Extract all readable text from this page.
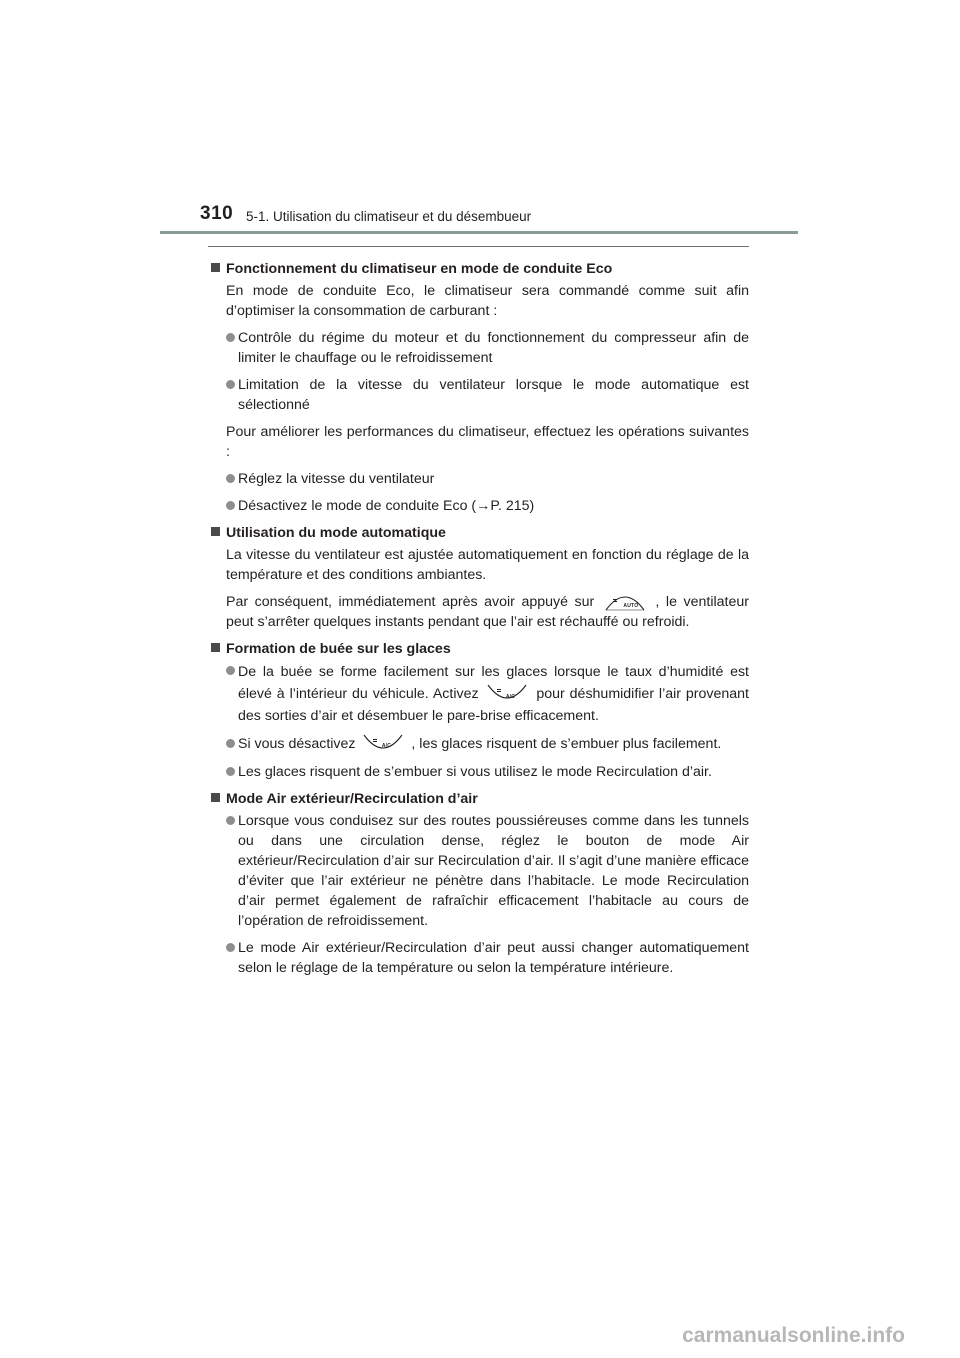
310 5-1. Utilisation du climatiseur et du désembueur
Fonctionnement du climatiseur en mode de conduite Eco
En mode de conduite Eco, le climatiseur sera commandé comme suit afin d’optimiser la consommation de carburant :
Contrôle du régime du moteur et du fonctionnement du compresseur afin de limiter le chauffage ou le refroidissement
Limitation de la vitesse du ventilateur lorsque le mode automatique est sélectionné
Pour améliorer les performances du climatiseur, effectuez les opérations suivantes :
Réglez la vitesse du ventilateur
Désactivez le mode de conduite Eco (→P. 215)
Utilisation du mode automatique
La vitesse du ventilateur est ajustée automatiquement en fonction du réglage de la température et des conditions ambiantes.
Par conséquent, immédiatement après avoir appuyé sur	AUTO	, le ventilateur peut s’arrêter quelques instants pendant que l’air est réchauffé ou refroidi.
Formation de buée sur les glaces
De la buée se forme facilement sur les glaces lorsque le taux d’humidité est élevé à l’intérieur du véhicule. Activez	A/C	pour déshumidifier l’air provenant des sorties d’air et désembuer le pare-brise efficacement.
Si vous désactivez	A/C	, les glaces risquent de s’embuer plus facilement.
Les glaces risquent de s’embuer si vous utilisez le mode Recirculation d’air.
Mode Air extérieur/Recirculation d’air
Lorsque vous conduisez sur des routes poussiéreuses comme dans les tunnels ou dans une circulation dense, réglez le bouton de mode Air extérieur/Recirculation d’air sur Recirculation d’air. Il s’agit d’une manière efficace d’éviter que l’air extérieur ne pénètre dans l’habitacle. Le mode Recirculation d’air permet également de rafraîchir efficacement l’habitacle au cours de l’opération de refroidissement.
Le mode Air extérieur/Recirculation d’air peut aussi changer automatiquement selon le réglage de la température ou selon la température intérieure.
carmanualsonline.info
